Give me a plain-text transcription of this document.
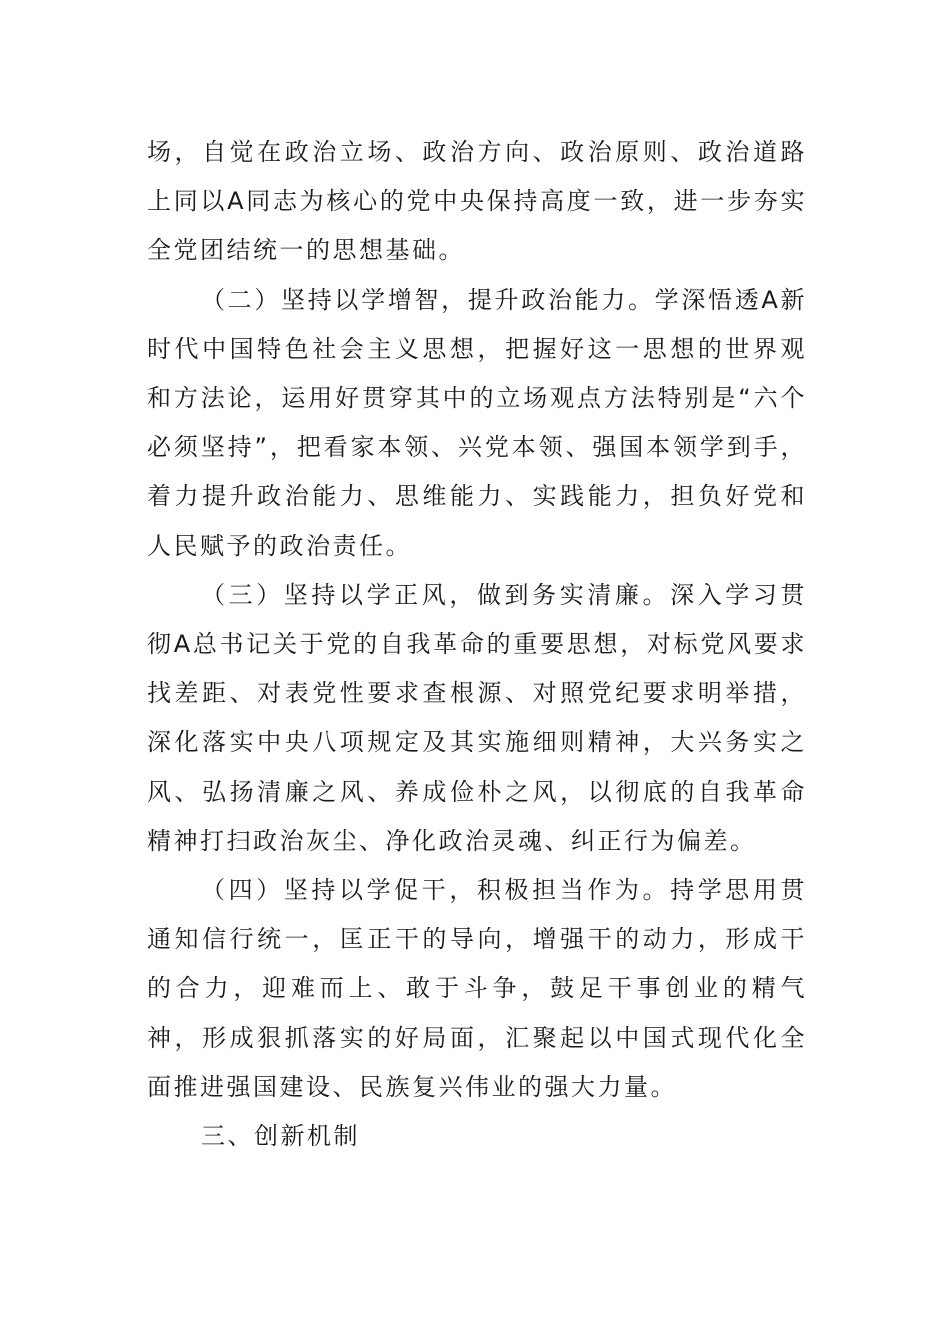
场，自觉在政治立场、政治方向、政治原则、政治道路上同以A同志为核心的党中央保持高度一致，进一步夯实全党团结统一的思想基础。

（二）坚持以学增智，提升政治能力。学深悟透A新时代中国特色社会主义思想，把握好这一思想的世界观和方法论，运用好贯穿其中的立场观点方法特别是“六个必须坚持”，把看家本领、兴党本领、强国本领学到手，着力提升政治能力、思维能力、实践能力，担负好党和人民赋予的政治责任。

（三）坚持以学正风，做到务实清廉。深入学习贯彻A总书记关于党的自我革命的重要思想，对标党风要求找差距、对表党性要求查根源、对照党纪要求明举措，深化落实中央八项规定及其实施细则精神，大兴务实之风、弘扬清廉之风、养成俭朴之风，以彻底的自我革命精神打扫政治灰尘、净化政治灵魂、纠正行为偏差。

（四）坚持以学促干，积极担当作为。持学思用贯通知信行统一，匡正干的导向，增强干的动力，形成干的合力，迎难而上、敢于斗争，鼓足干事创业的精气神，形成狠抓落实的好局面，汇聚起以中国式现代化全面推进强国建设、民族复兴伟业的强大力量。

三、创新机制
